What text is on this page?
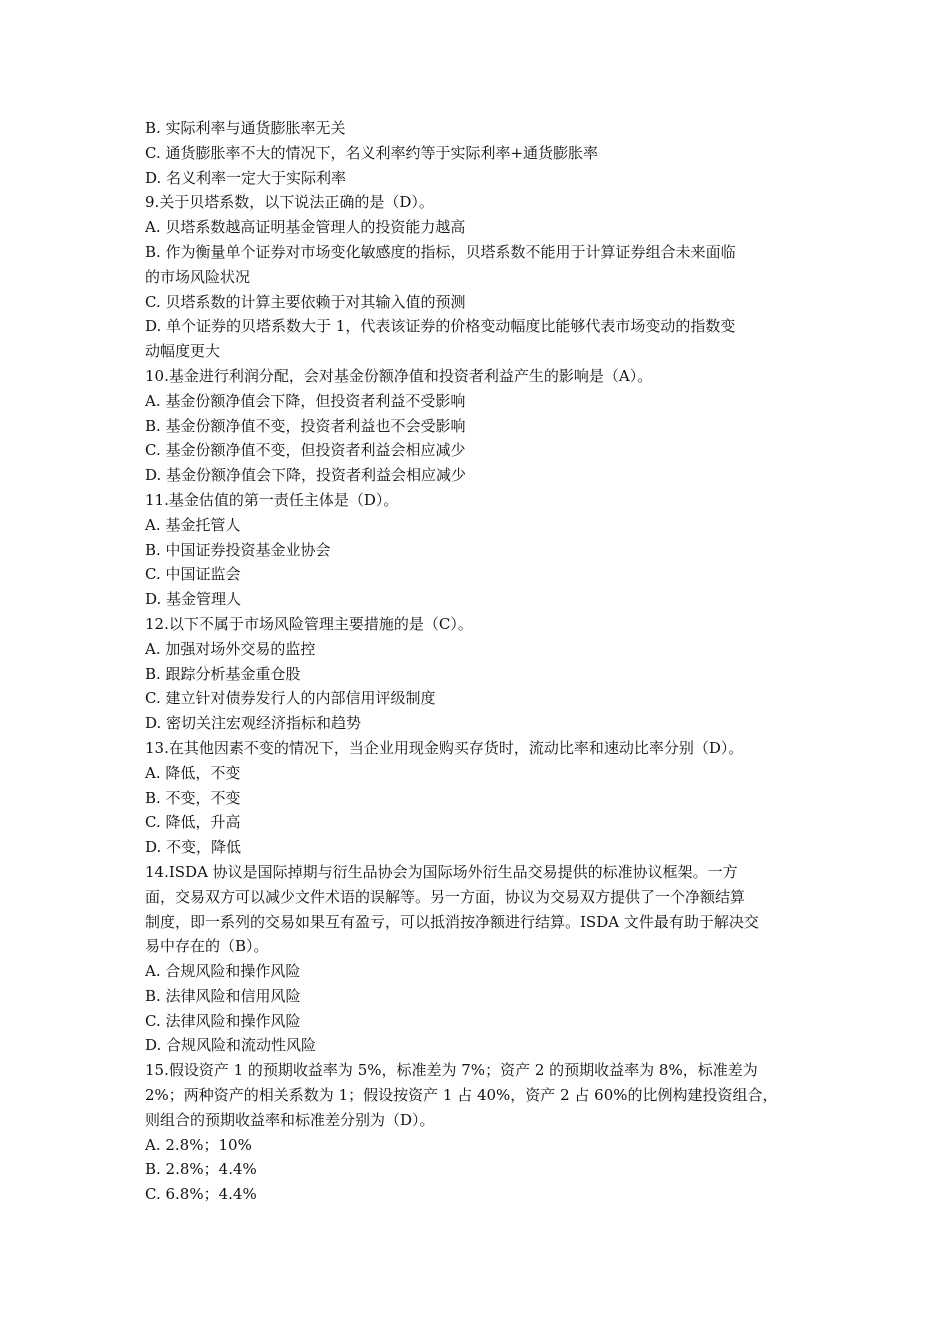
B. 实际利率与通货膨胀率无关
C. 通货膨胀率不大的情况下，名义利率约等于实际利率+通货膨胀率
D. 名义利率一定大于实际利率
9.关于贝塔系数，以下说法正确的是（D）。
A. 贝塔系数越高证明基金管理人的投资能力越高
B. 作为衡量单个证券对市场变化敏感度的指标，贝塔系数不能用于计算证券组合未来面临
的市场风险状况
C. 贝塔系数的计算主要依赖于对其输入值的预测
D. 单个证券的贝塔系数大于 1，代表该证券的价格变动幅度比能够代表市场变动的指数变
动幅度更大
10.基金进行利润分配，会对基金份额净值和投资者利益产生的影响是（A）。
A. 基金份额净值会下降，但投资者利益不受影响
B. 基金份额净值不变，投资者利益也不会受影响
C. 基金份额净值不变，但投资者利益会相应减少
D. 基金份额净值会下降，投资者利益会相应减少
11.基金估值的第一责任主体是（D）。
A. 基金托管人
B. 中国证券投资基金业协会
C. 中国证监会
D. 基金管理人
12.以下不属于市场风险管理主要措施的是（C）。
A. 加强对场外交易的监控
B. 跟踪分析基金重仓股
C. 建立针对债券发行人的内部信用评级制度
D. 密切关注宏观经济指标和趋势
13.在其他因素不变的情况下，当企业用现金购买存货时，流动比率和速动比率分别（D）。
A. 降低，不变
B. 不变，不变
C. 降低，升高
D. 不变，降低
14.ISDA 协议是国际掉期与衍生品协会为国际场外衍生品交易提供的标准协议框架。一方
面，交易双方可以减少文件术语的误解等。另一方面，协议为交易双方提供了一个净额结算
制度，即一系列的交易如果互有盈亏，可以抵消按净额进行结算。ISDA 文件最有助于解决交
易中存在的（B）。
A. 合规风险和操作风险
B. 法律风险和信用风险
C. 法律风险和操作风险
D. 合规风险和流动性风险
15.假设资产 1 的预期收益率为 5%，标准差为 7%；资产 2 的预期收益率为 8%，标准差为
2%；两种资产的相关系数为 1；假设按资产 1 占 40%，资产 2 占 60%的比例构建投资组合，
则组合的预期收益率和标准差分别为（D）。
A. 2.8%；10%
B. 2.8%；4.4%
C. 6.8%；4.4%
